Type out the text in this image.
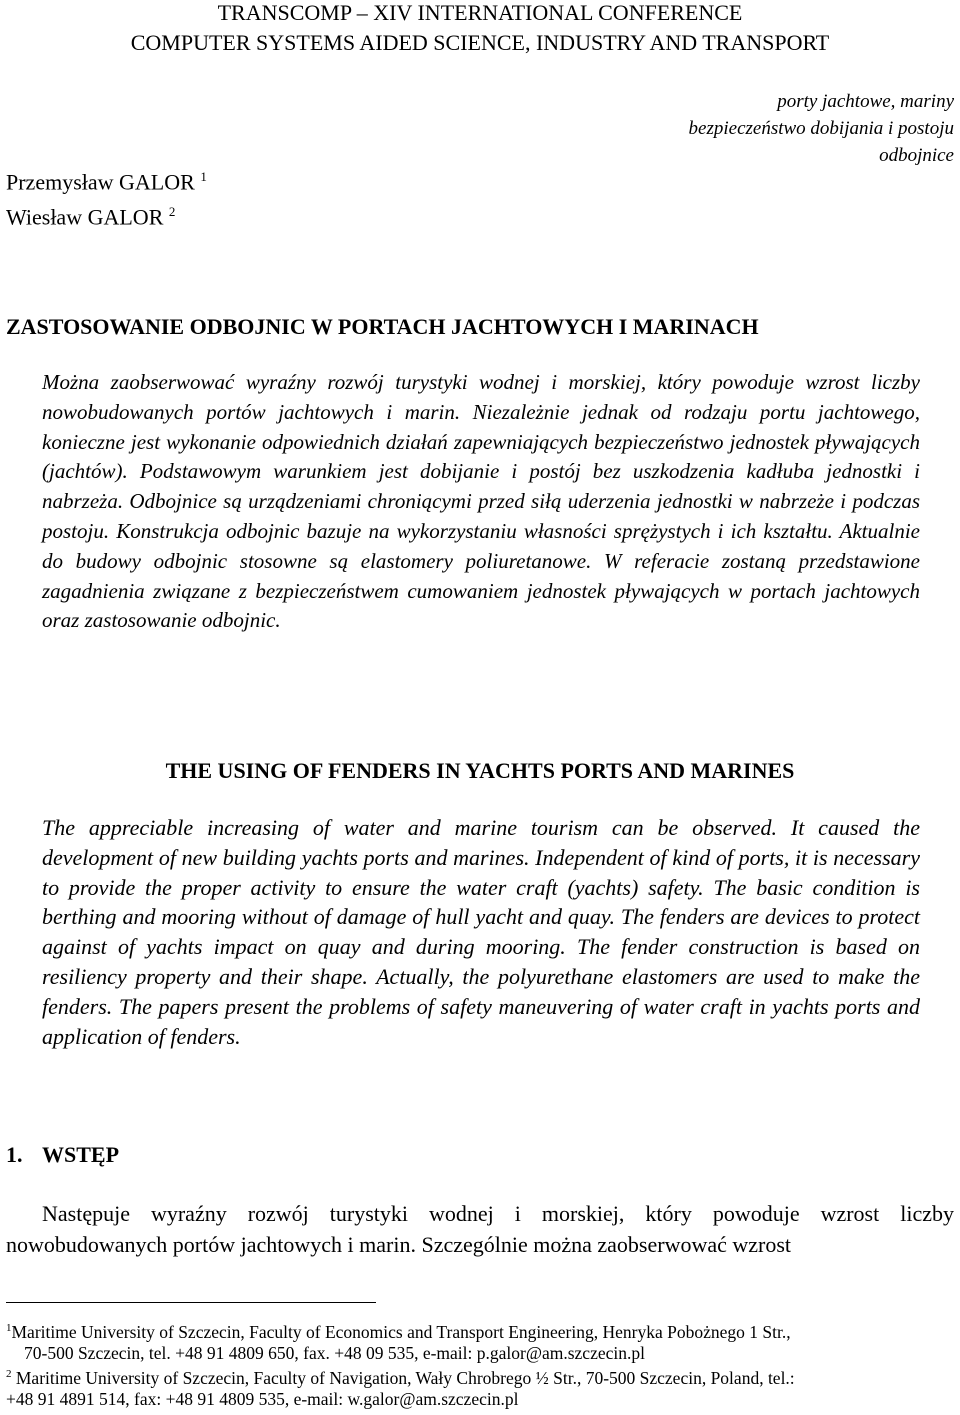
TRANSCOMP – XIV INTERNATIONAL CONFERENCE
COMPUTER SYSTEMS AIDED SCIENCE, INDUSTRY AND TRANSPORT
porty jachtowe, mariny
bezpieczeństwo dobijania i postoju
odbojnice
Przemysław GALOR $^1$
Wiesław GALOR $^2$
ZASTOSOWANIE ODBOJNIC W PORTACH JACHTOWYCH I MARINACH

Można zaobserwować wyraźny rozwój turystyki wodnej i morskiej, który powoduje wzrost liczby nowobudowanych portów jachtowych i marin. Niezależnie jednak od rodzaju portu jachtowego, konieczne jest wykonanie odpowiednich działań zapewniających bezpieczeństwo jednostek pływających (jachtów). Podstawowym warunkiem jest dobijanie i postój bez uszkodzenia kadłuba jednostki i nabrzeża. Odbojnice są urządzeniami chroniącymi przed siłą uderzenia jednostki w nabrzeże i podczas postoju. Konstrukcja odbojnic bazuje na wykorzystaniu własności sprężystych i ich kształtu. Aktualnie do budowy odbojnic stosowne są elastomery poliuretanowe. W referacie zostaną przedstawione zagadnienia związane z bezpieczeństwem cumowaniem jednostek pływających w portach jachtowych oraz zastosowanie odbojnic.

THE USING OF FENDERS IN YACHTS PORTS AND MARINES

The appreciable increasing of water and marine tourism can be observed. It caused the development of new building yachts ports and marines. Independent of kind of ports, it is necessary to provide the proper activity to ensure the water craft (yachts) safety. The basic condition is berthing and mooring without of damage of hull yacht and quay. The fenders are devices to protect against of yachts impact on quay and during mooring. The fender construction is based on resiliency property and their shape. Actually, the polyurethane elastomers are used to make the fenders. The papers present the problems of safety maneuvering of water craft in yachts ports and application of fenders.

1. WSTĘP

Następuje wyraźny rozwój turystyki wodnej i morskiej, który powoduje wzrost liczby nowobudowanych portów jachtowych i marin. Szczególnie można zaobserwować wzrost

$^1$Maritime University of Szczecin, Faculty of Economics and Transport Engineering, Henryka Pobożnego 1 Str.,

70-500 Szczecin, tel. +48 91 4809 650, fax. +48 09 535, e-mail: p.galor@am.szczecin.pl

$^2$ Maritime University of Szczecin, Faculty of Navigation, Wały Chrobrego ½ Str., 70-500 Szczecin, Poland, tel.:

+48 91 4891 514, fax: +48 91 4809 535, e-mail: w.galor@am.szczecin.pl
